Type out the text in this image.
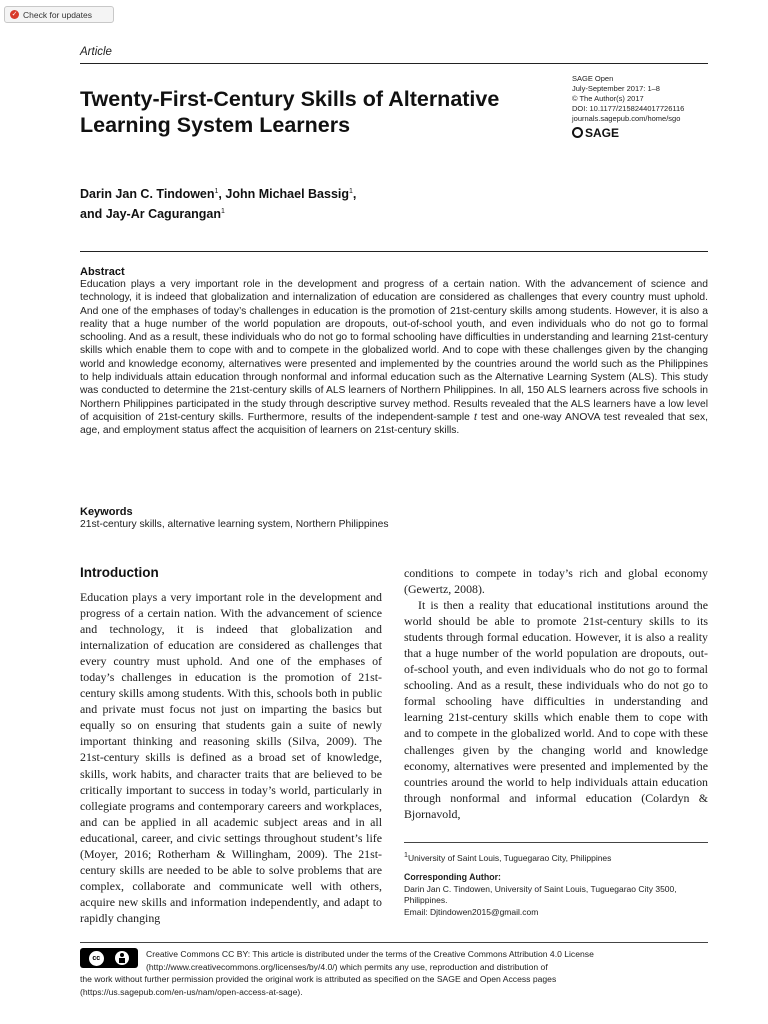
✓ Check for updates
Article
Twenty-First-Century Skills of Alternative Learning System Learners
SAGE Open
July-September 2017: 1–8
© The Author(s) 2017
DOI: 10.1177/2158244017726116
journals.sagepub.com/home/sgo
SAGE
Darin Jan C. Tindowen$^1$, John Michael Bassig$^1$,
and Jay-Ar Cagurangan$^1$
Abstract

Education plays a very important role in the development and progress of a certain nation. With the advancement of science and technology, it is indeed that globalization and internalization of education are considered as challenges that every country must uphold. And one of the emphases of today’s challenges in education is the promotion of 21st-century skills among students. However, it is also a reality that a huge number of the world population are dropouts, out-of-school youth, and even individuals who do not go to formal schooling. And as a result, these individuals who do not go to formal schooling have difficulties in understanding and learning 21st-century skills which enable them to cope with and to compete in the globalized world. And to cope with these challenges given by the changing world and knowledge economy, alternatives were presented and implemented by the countries around the world such as the Philippines to help individuals attain education through nonformal and informal education such as the Alternative Learning System (ALS). This study was conducted to determine the 21st-century skills of ALS learners of Northern Philippines. In all, 150 ALS learners across five schools in Northern Philippines participated in the study through descriptive survey method. Results revealed that the ALS learners have a low level of acquisition of 21st-century skills. Furthermore, results of the independent-sample t test and one-way ANOVA test revealed that sex, age, and employment status affect the acquisition of learners on 21st-century skills.

Keywords

21st-century skills, alternative learning system, Northern Philippines

Introduction

Education plays a very important role in the development and progress of a certain nation. With the advancement of science and technology, it is indeed that globalization and internalization of education are considered as challenges that every country must uphold. And one of the emphases of today’s challenges in education is the promotion of 21st-century skills among students. With this, schools both in public and private must focus not just on imparting the basics but equally so on ensuring that students gain a suite of newly important thinking and reasoning skills (Silva, 2009). The 21st-century skills is defined as a broad set of knowledge, skills, work habits, and character traits that are believed to be critically important to success in today’s world, particularly in collegiate programs and contemporary careers and workplaces, and can be applied in all academic subject areas and in all educational, career, and civic settings throughout student’s life (Moyer, 2016; Rotherham & Willingham, 2009). The 21st-century skills are needed to be able to solve problems that are complex, collaborate and communicate well with others, acquire new skills and information independently, and adapt to rapidly changing

conditions to compete in today’s rich and global economy (Gewertz, 2008).

It is then a reality that educational institutions around the world should be able to promote 21st-century skills to its students through formal education. However, it is also a reality that a huge number of the world population are dropouts, out-of-school youth, and even individuals who do not go to formal schooling. And as a result, these individuals who do not go to formal schooling have difficulties in understanding and learning 21st-century skills which enable them to cope with and to compete in the globalized world. And to cope with these challenges given by the changing world and knowledge economy, alternatives were presented and implemented by the countries around the world to help individuals attain education through nonformal and informal education (Colardyn & Bjornavold,

$^1$University of Saint Louis, Tuguegarao City, Philippines
Corresponding Author:
Darin Jan C. Tindowen, University of Saint Louis, Tuguegarao City 3500,
Philippines.
Email: Djtindowen2015@gmail.com
cc	Creative Commons CC BY: This article is distributed under the terms of the Creative Commons Attribution 4.0 License
(http://www.creativecommons.org/licenses/by/4.0/) which permits any use, reproduction and distribution of
the work without further permission provided the original work is attributed as specified on the SAGE and Open Access pages
(https://us.sagepub.com/en-us/nam/open-access-at-sage).
